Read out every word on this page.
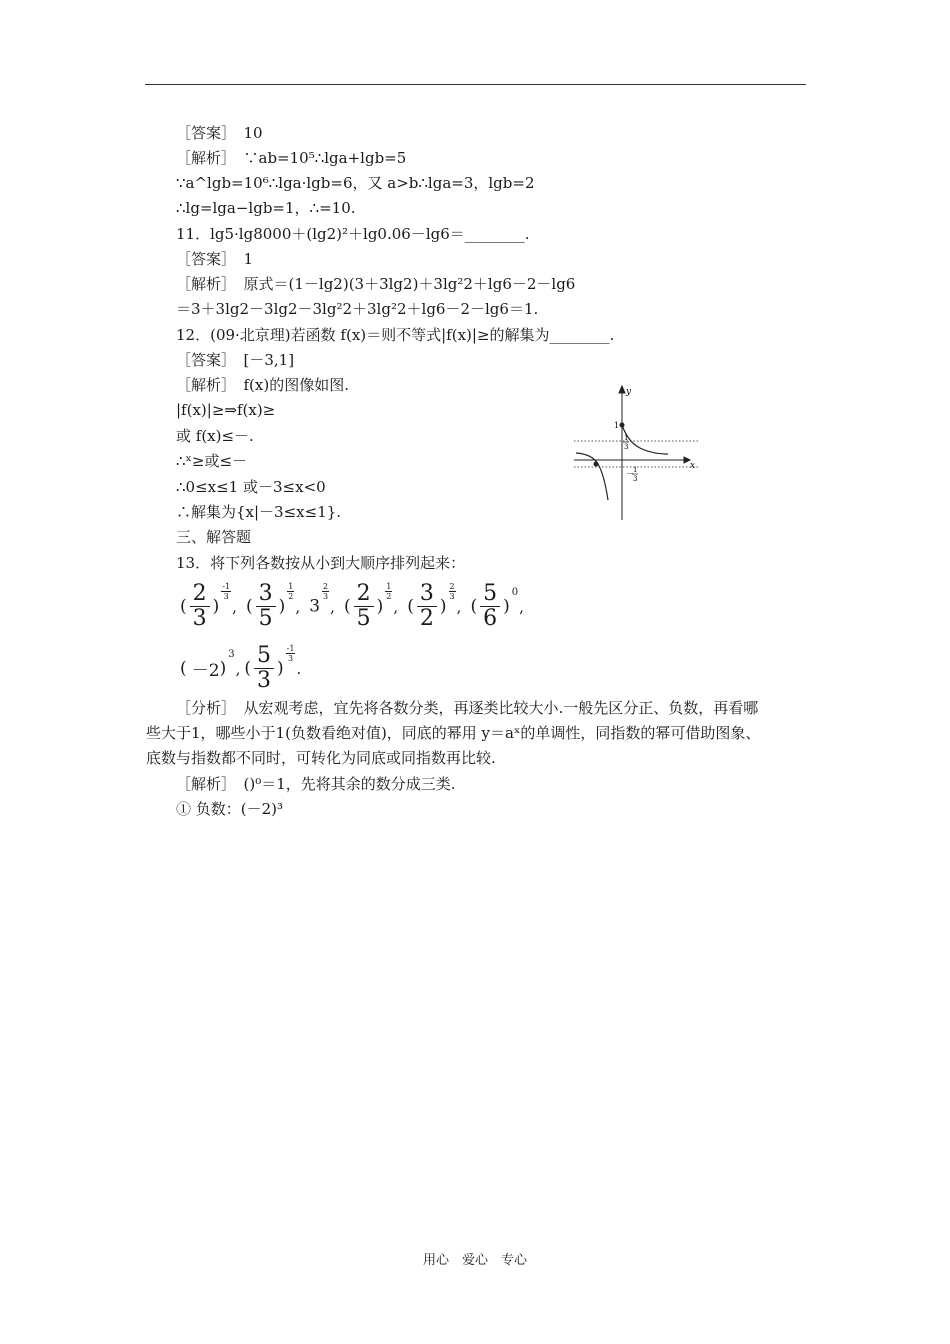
［答案］　10
［解析］　∵ab=10⁵∴lga+lgb=5
∵a^lgb=10⁶∴lga·lgb=6，又 a>b∴lga=3，lgb=2
∴lg=lga−lgb=1，∴=10.
11．lg5·lg8000＋(lg2)²＋lg0.06－lg6＝________.
［答案］　1
［解析］　原式＝(1－lg2)(3＋3lg2)＋3lg²2＋lg6－2－lg6
＝3＋3lg2－3lg2－3lg²2＋3lg²2＋lg6－2－lg6＝1.
12．(09·北京理)若函数 f(x)＝则不等式|f(x)|≥的解集为________.
［答案］　[－3,1]
［解析］　f(x)的图像如图.
|f(x)|≥⇒f(x)≥
或 f(x)≤－.
∴ˣ≥或≤－
∴0≤x≤1 或－3≤x<0
∴解集为{x|－3≤x≤1}.
三、解答题
13．将下列各数按从小到大顺序排列起来：
y
x
1
1
3
－ 1
3
( $\frac{2}{3}$ )
$\frac{-1}{3}$
, ( $\frac{3}{5}$ )
$\frac{1}{2}$
, 3
$\frac{2}{3}$
, ( $\frac{2}{5}$ )
$\frac{1}{2}$
, ( $\frac{3}{2}$ )
$\frac{2}{3}$
, ( $\frac{5}{6} )0$,
( －2)3, ( $\frac{5}{3}$ )
$\frac{-1}{3}$
.
［分析］　从宏观考虑，宜先将各数分类，再逐类比较大小.一般先区分正、负数，再看哪
些大于1，哪些小于1(负数看绝对值)，同底的幂用 y＝aˣ的单调性，同指数的幂可借助图象、
底数与指数都不同时，可转化为同底或同指数再比较.
［解析］　()⁰＝1，先将其余的数分成三类.
① 负数：(－2)³
用心　爱心　专心
